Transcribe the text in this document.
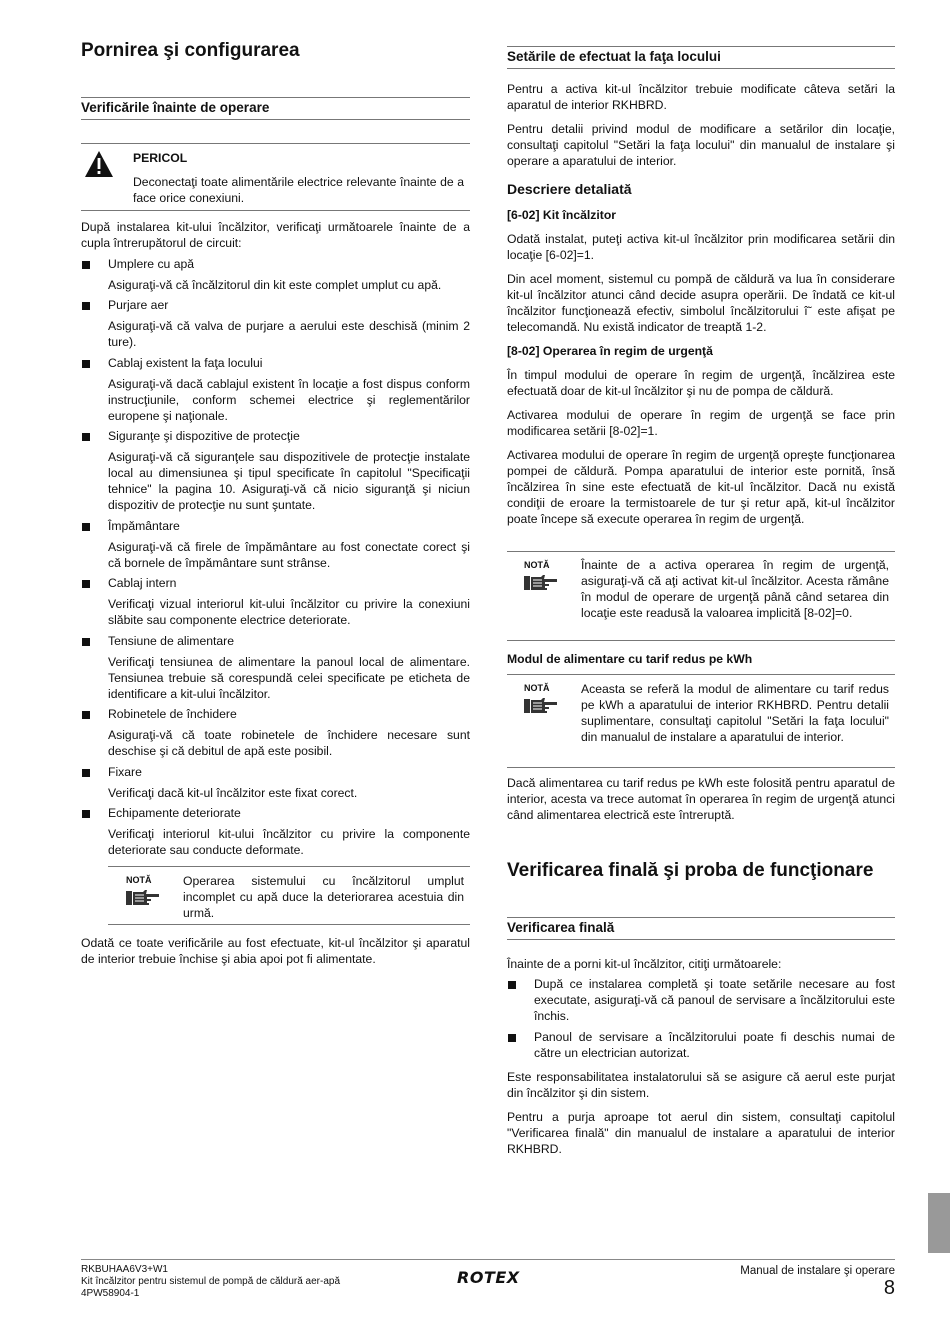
Pornirea şi configurarea
Verificările înainte de operare
PERICOL

Deconectaţi toate alimentările electrice relevante înainte de a face orice conexiuni.

După instalarea kit-ului încălzitor, verificaţi următoarele înainte de a cupla întrerupătorul de circuit:

Umplere cu apă

Asiguraţi-vă că încălzitorul din kit este complet umplut cu apă.

Purjare aer

Asiguraţi-vă că valva de purjare a aerului este deschisă (minim 2 ture).

Cablaj existent la faţa locului

Asiguraţi-vă dacă cablajul existent în locaţie a fost dispus conform instrucţiunile, conform schemei electrice şi reglementărilor europene şi naţionale.

Siguranţe şi dispozitive de protecţie

Asiguraţi-vă că siguranţele sau dispozitivele de protecţie instalate local au dimensiunea şi tipul specificate în capitolul "Specificaţii tehnice" la pagina 10. Asiguraţi-vă că nicio siguranţă şi niciun dispozitiv de protecţie nu sunt şuntate.

Împământare

Asiguraţi-vă că firele de împământare au fost conectate corect şi că bornele de împământare sunt strânse.

Cablaj intern

Verificaţi vizual interiorul kit-ului încălzitor cu privire la conexiuni slăbite sau componente electrice deteriorate.

Tensiune de alimentare

Verificaţi tensiunea de alimentare la panoul local de alimentare. Tensiunea trebuie să corespundă celei specificate pe eticheta de identificare a kit-ului încălzitor.

Robinetele de închidere

Asiguraţi-vă că toate robinetele de închidere necesare sunt deschise şi că debitul de apă este posibil.

Fixare

Verificaţi dacă kit-ul încălzitor este fixat corect.

Echipamente deteriorate

Verificaţi interiorul kit-ului încălzitor cu privire la componente deteriorate sau conducte deformate.

NOTĂ	Operarea sistemului cu încălzitorul umplut incomplet cu apă duce la deteriorarea acestuia din urmă.

Odată ce toate verificările au fost efectuate, kit-ul încălzitor şi aparatul de interior trebuie închise şi abia apoi pot fi alimentate.

Setările de efectuat la faţa locului

Pentru a activa kit-ul încălzitor trebuie modificate câteva setări la aparatul de interior RKHBRD.

Pentru detalii privind modul de modificare a setărilor din locaţie, consultaţi capitolul "Setări la faţa locului" din manualul de instalare şi operare a aparatului de interior.

Descriere detaliată
[6-02] Kit încălzitor

Odată instalat, puteţi activa kit-ul încălzitor prin modificarea setării din locaţie [6-02]=1.

Din acel moment, sistemul cu pompă de căldură va lua în considerare kit-ul încălzitor atunci când decide asupra operării. De îndată ce kit-ul încălzitor funcţionează efectiv, simbolul încălzitorului î˜ este afişat pe telecomandă. Nu există indicator de treaptă 1-2.

[8-02] Operarea în regim de urgenţă

În timpul modului de operare în regim de urgenţă, încălzirea este efectuată doar de kit-ul încălzitor şi nu de pompa de căldură.

Activarea modului de operare în regim de urgenţă se face prin modificarea setării [8-02]=1.

Activarea modului de operare în regim de urgenţă opreşte funcţionarea pompei de căldură. Pompa aparatului de interior este pornită, însă încălzirea în sine este efectuată de kit-ul încălzitor. Dacă nu există condiţii de eroare la termistoarele de tur şi retur apă, kit-ul încălzitor poate începe să execute operarea în regim de urgenţă.

NOTĂ	Înainte de a activa operarea în regim de urgenţă, asiguraţi-vă că aţi activat kit-ul încălzitor. Acesta rămâne în modul de operare de urgenţă până când setarea din locaţie este readusă la valoarea implicită [8-02]=0.

Modul de alimentare cu tarif redus pe kWh
NOTĂ	Aceasta se referă la modul de alimentare cu tarif redus pe kWh a aparatului de interior RKHBRD. Pentru detalii suplimentare, consultaţi capitolul "Setări la faţa locului" din manualul de instalare a aparatului de interior.

Dacă alimentarea cu tarif redus pe kWh este folosită pentru aparatul de interior, acesta va trece automat în operarea în regim de urgenţă atunci când alimentarea electrică este întreruptă.

Verificarea finală şi proba de funcţionare
Verificarea finală

Înainte de a porni kit-ul încălzitor, citiţi următoarele:

După ce instalarea completă şi toate setările necesare au fost executate, asiguraţi-vă că panoul de servisare a încălzitorului este închis.

Panoul de servisare a încălzitorului poate fi deschis numai de către un electrician autorizat.

Este responsabilitatea instalatorului să se asigure că aerul este purjat din încălzitor şi din sistem.

Pentru a purja aproape tot aerul din sistem, consultaţi capitolul "Verificarea finală" din manualul de instalare a aparatului de interior RKHBRD.

RKBUHAA6V3+W1
Kit încălzitor pentru sistemul de pompă de căldură aer-apă
4PW58904-1
ROTEX	Manual de instalare şi operare
8
